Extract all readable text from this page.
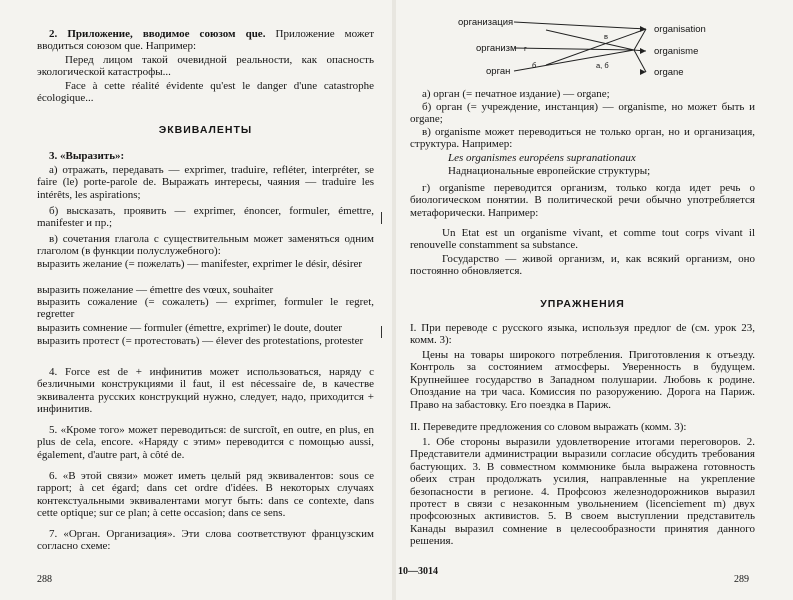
2. Приложение, вводимое союзом que. Приложение может вводиться союзом que. Например:

Перед лицом такой очевидной реальности, как опасность экологической катастрофы...

Face à cette réalité évidente qu'est le danger d'une catastrophe écologique...

ЭКВИВАЛЕНТЫ

3. «Выразить»:

а) отражать, передавать — exprimer, traduire, refléter, interpréter, se faire (le) porte-parole de. Выражать интересы, чаяния — traduire les intérêts, les aspirations;

б) высказать, проявить — exprimer, énoncer, formuler, émettre, manifester и пр.;

в) сочетания глагола с существительным может заменяться одним глаголом (в функции полуслужебного):

выразить желание (= пожелать) — manifester, exprimer le désir, désirer

выразить пожелание — émettre des vœux, souhaiter

выразить сожаление (= сожалеть) — exprimer, formuler le regret, regretter

выразить сомнение — formuler (émettre, exprimer) le doute, douter

выразить протест (= протестовать) — élever des protestations, protester

4. Force est de + инфинитив может использоваться, наряду с безличными конструкциями il faut, il est nécessaire de, в качестве эквивалента русских конструкций нужно, следует, надо, приходится + инфинитив.

5. «Кроме того» может переводиться: de surcroît, en outre, en plus, en plus de cela, encore. «Наряду с этим» переводится с помощью aussi, également, d'autre part, à côté de.

6. «В этой связи» может иметь целый ряд эквивалентов: sous ce rapport; à cet égard; dans cet ordre d'idées. В некоторых случаях контекстуальными эквивалентами могут быть: dans ce contexte, dans cette optique; sur ce plan; à cette occasion; dans ce sens.

7. «Орган. Организация». Эти слова соответствуют французским согласно схеме:

288
организация
организм
орган
organisation
organisme
organe
в
г
б	а, б

а) орган (= печатное издание) — organe;

б) орган (= учреждение, инстанция) — organisme, но может быть и organe;

в) organisme может переводиться не только орган, но и организация, структура. Например:

Les organismes européens supranationaux

Наднациональные европейские структуры;

г) organisme переводится организм, только когда идет речь о биологическом понятии. В политической речи обычно употребляется метафорически. Например:

Un Etat est un organisme vivant, et comme tout corps vivant il renouvelle constamment sa substance.

Государство — живой организм, и, как всякий организм, оно постоянно обновляется.

УПРАЖНЕНИЯ

I. При переводе с русского языка, используя предлог de (см. урок 23, комм. 3):

Цены на товары широкого потребления. Приготовления к отъезду. Контроль за состоянием атмосферы. Уверенность в будущем. Крупнейшее государство в Западном полушарии. Любовь к родине. Опоздание на три часа. Комиссия по разоружению. Дорога на Париж. Право на забастовку. Его поездка в Париж.

II. Переведите предложения со словом выражать (комм. 3):

1. Обе стороны выразили удовлетворение итогами переговоров. 2. Представители администрации выразили согласие обсудить требования бастующих. 3. В совместном коммюнике была выражена готовность обеих стран продолжать усилия, направленные на укрепление безопасности в регионе. 4. Профсоюз железнодорожников выразил протест в связи с незаконным увольнением (licenciement m) двух профсоюзных активистов. 5. В своем выступлении представитель Канады выразил сомнение в целесообразности принятия данного решения.

10—3014
289
